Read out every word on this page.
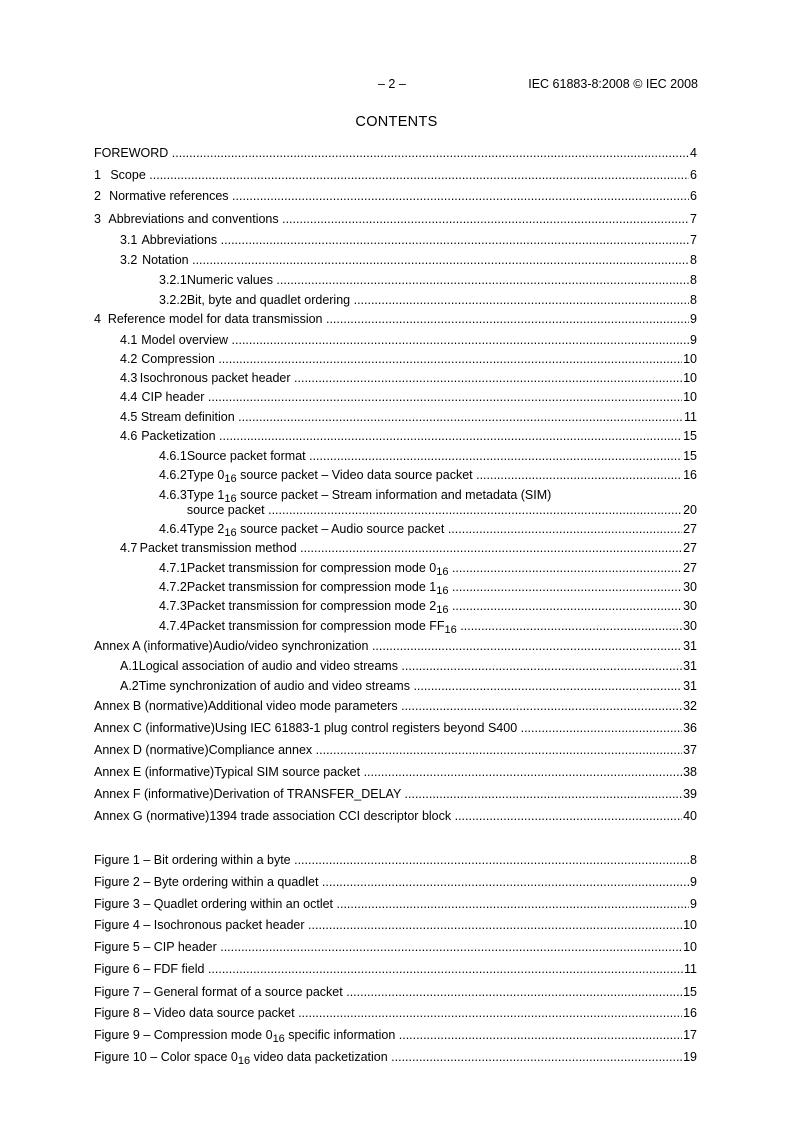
– 2 –	IEC 61883-8:2008 © IEC 2008
CONTENTS
FOREWORD .....	4
1 Scope .....	6
2 Normative references .....	6
3 Abbreviations and conventions .....	7
3.1 Abbreviations .....	7
3.2 Notation .....	8
3.2.1 Numeric values .....	8
3.2.2 Bit, byte and quadlet ordering .....	8
4 Reference model for data transmission .....	9
4.1 Model overview .....	9
4.2 Compression .....	10
4.3 Isochronous packet header .....	10
4.4 CIP header .....	10
4.5 Stream definition .....	11
4.6 Packetization .....	15
4.6.1 Source packet format .....	15
4.6.2 Type $0_{16}$ source packet – Video data source packet .....	16
4.6.3 Type $1_{16}$ source packet – Stream information and metadata (SIM)
source packet .....	20
4.6.4 Type $2_{16}$ source packet – Audio source packet .....	27
4.7 Packet transmission method .....	27
4.7.1 Packet transmission for compression mode $0_{16}$ .....	27
4.7.2 Packet transmission for compression mode $1_{16}$ .....	30
4.7.3 Packet transmission for compression mode $2_{16}$ .....	30
4.7.4 Packet transmission for compression mode $FF_{16}$ .....	30
Annex A (informative) Audio/video synchronization .....	31
A.1 Logical association of audio and video streams .....	31
A.2 Time synchronization of audio and video streams .....	31
Annex B (normative) Additional video mode parameters .....	32
Annex C (informative) Using IEC 61883-1 plug control registers beyond S400 .....	36
Annex D (normative) Compliance annex .....	37
Annex E (informative) Typical SIM source packet .....	38
Annex F (informative) Derivation of TRANSFER_DELAY .....	39
Annex G (normative) 1394 trade association CCI descriptor block .....	40
Figure 1 – Bit ordering within a byte .....	8
Figure 2 – Byte ordering within a quadlet .....	9
Figure 3 – Quadlet ordering within an octlet .....	9
Figure 4 – Isochronous packet header .....	10
Figure 5 – CIP header .....	10
Figure 6 – FDF field .....	11
Figure 7 – General format of a source packet .....	15
Figure 8 – Video data source packet .....	16
Figure 9 – Compression mode $0_{16}$ specific information .....	17
Figure 10 – Color space $0_{16}$ video data packetization .....	19
